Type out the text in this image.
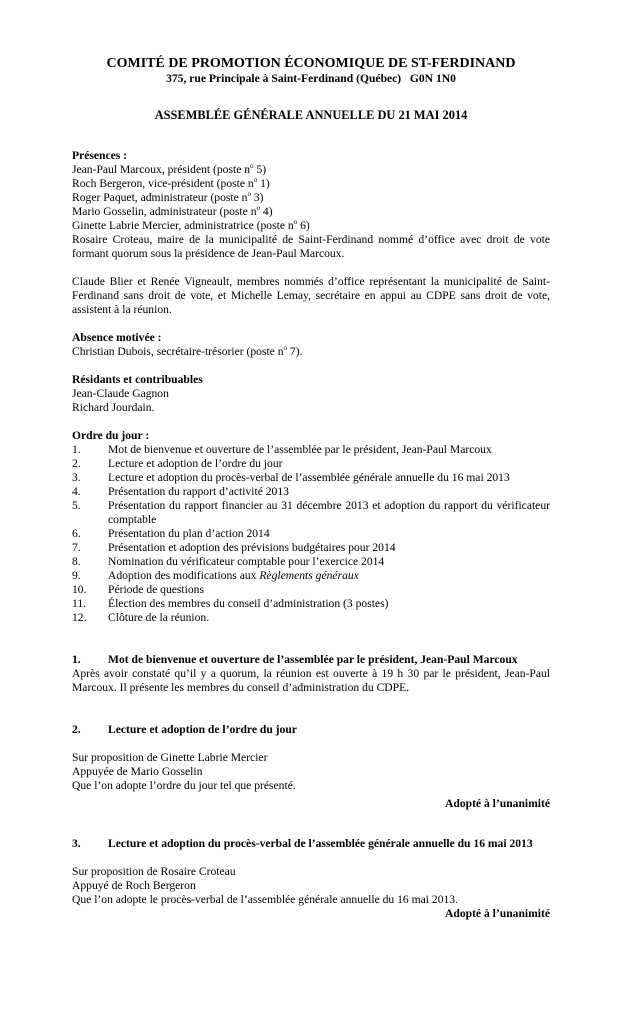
COMITÉ DE PROMOTION ÉCONOMIQUE DE ST-FERDINAND
375, rue Principale à Saint-Ferdinand (Québec)   G0N 1N0
ASSEMBLÉE GÉNÉRALE ANNUELLE DU 21 MAI 2014
Présences :
Jean-Paul Marcoux, président (poste $n^o$ 5)
Roch Bergeron, vice-président (poste $n^o$ 1)
Roger Paquet, administrateur (poste $n^o$ 3)
Mario Gosselin, administrateur (poste $n^o$ 4)
Ginette Labrie Mercier, administratrice (poste $n^o$ 6)
Rosaire Croteau, maire de la municipalité de Saint-Ferdinand nommé d’office avec droit de vote formant quorum sous la présidence de Jean-Paul Marcoux.
Claude Blier et Renée Vigneault, membres nommés d’office représentant la municipalité de Saint-Ferdinand sans droit de vote, et Michelle Lemay, secrétaire en appui au CDPE sans droit de vote, assistent à la réunion.
Absence motivée :
Christian Dubois, secrétaire-trésorier (poste $n^o$ 7).
Résidants et contribuables
Jean-Claude Gagnon
Richard Jourdain.
Ordre du jour :
1.	Mot de bienvenue et ouverture de l’assemblée par le président, Jean-Paul Marcoux
2.	Lecture et adoption de l’ordre du jour
3.	Lecture et adoption du procès-verbal de l’assemblée générale annuelle du 16 mai 2013
4.	Présentation du rapport d’activité 2013
5.	Présentation du rapport financier au 31 décembre 2013 et adoption du rapport du vérificateur comptable
6.	Présentation du plan d’action 2014
7.	Présentation et adoption des prévisions budgétaires pour 2014
8.	Nomination du vérificateur comptable pour l’exercice 2014
9.	Adoption des modifications aux Règlements généraux
10.	Période de questions
11.	Élection des membres du conseil d’administration (3 postes)
12.	Clôture de la réunion.
1.	Mot de bienvenue et ouverture de l’assemblée par le président, Jean-Paul Marcoux
Après avoir constaté qu’il y a quorum, la réunion est ouverte à 19 h 30 par le président, Jean-Paul Marcoux. Il présente les membres du conseil d’administration du CDPE.
2.	Lecture et adoption de l’ordre du jour
Sur proposition de Ginette Labrie Mercier
Appuyée de Mario Gosselin
Que l’on adopte l’ordre du jour tel que présenté.
Adopté à l’unanimité
3.	Lecture et adoption du procès-verbal de l’assemblée générale annuelle du 16 mai 2013
Sur proposition de Rosaire Croteau
Appuyé de Roch Bergeron
Que l’on adopte le procès-verbal de l’assemblée générale annuelle du 16 mai 2013.
Adopté à l’unanimité
